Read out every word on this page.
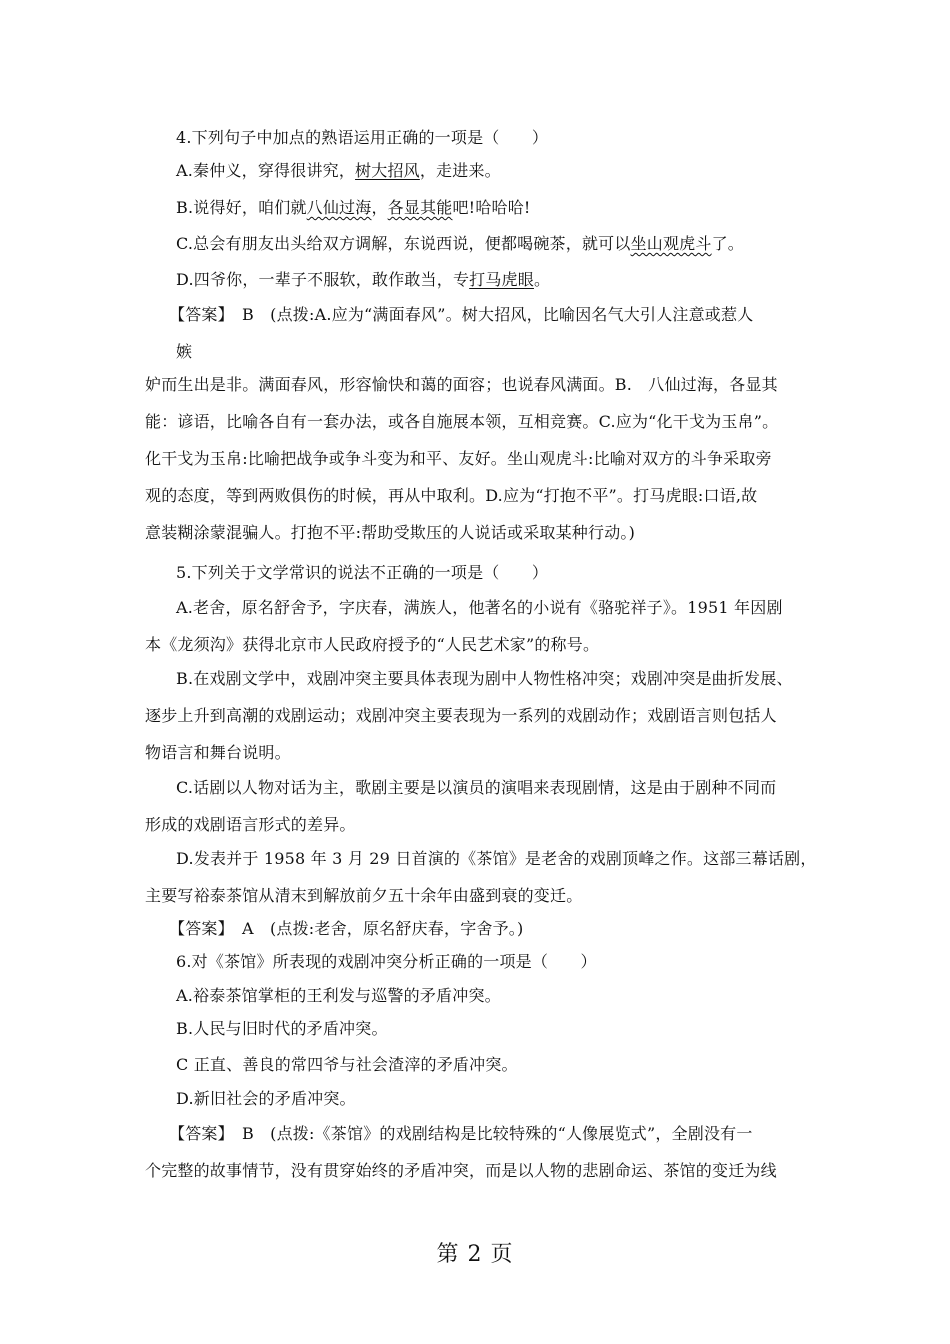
4.下列句子中加点的熟语运用正确的一项是（　　）
A.秦仲义，穿得很讲究，树大招风，走进来。
B.说得好，咱们就八仙过海，各显其能吧!哈哈哈!
C.总会有朋友出头给双方调解，东说西说，便都喝碗茶，就可以坐山观虎斗了。
D.四爷你，一辈子不服软，敢作敢当，专打马虎眼。
【答案】　B　(点拨:A.应为“满面春风”。树大招风，比喻因名气大引人注意或惹人
嫉
妒而生出是非。满面春风，形容愉快和蔼的面容；也说春风满面。B.　八仙过海，各显其
能：谚语，比喻各自有一套办法，或各自施展本领，互相竞赛。C.应为“化干戈为玉帛”。
化干戈为玉帛:比喻把战争或争斗变为和平、友好。坐山观虎斗:比喻对双方的斗争采取旁
观的态度，等到两败俱伤的时候，再从中取利。D.应为“打抱不平”。打马虎眼:口语,故
意装糊涂蒙混骗人。打抱不平:帮助受欺压的人说话或采取某种行动。)
5.下列关于文学常识的说法不正确的一项是（　　）
A.老舍，原名舒舍予，字庆春，满族人，他著名的小说有《骆驼祥子》。1951 年因剧
本《龙须沟》获得北京市人民政府授予的“人民艺术家”的称号。
B.在戏剧文学中，戏剧冲突主要具体表现为剧中人物性格冲突；戏剧冲突是曲折发展、
逐步上升到高潮的戏剧运动；戏剧冲突主要表现为一系列的戏剧动作；戏剧语言则包括人
物语言和舞台说明。
C.话剧以人物对话为主，歌剧主要是以演员的演唱来表现剧情，这是由于剧种不同而
形成的戏剧语言形式的差异。
D.发表并于 1958 年 3 月 29 日首演的《茶馆》是老舍的戏剧顶峰之作。这部三幕话剧，
主要写裕泰茶馆从清末到解放前夕五十余年由盛到衰的变迁。
【答案】　A　(点拨:老舍，原名舒庆春，字舍予。)
6.对《茶馆》所表现的戏剧冲突分析正确的一项是（　　）
A.裕泰茶馆掌柜的王利发与巡警的矛盾冲突。
B.人民与旧时代的矛盾冲突。
C 正直、善良的常四爷与社会渣滓的矛盾冲突。
D.新旧社会的矛盾冲突。
【答案】　B　(点拨:《茶馆》的戏剧结构是比较特殊的“人像展览式”，全剧没有一
个完整的故事情节，没有贯穿始终的矛盾冲突，而是以人物的悲剧命运、茶馆的变迁为线
第 2 页
